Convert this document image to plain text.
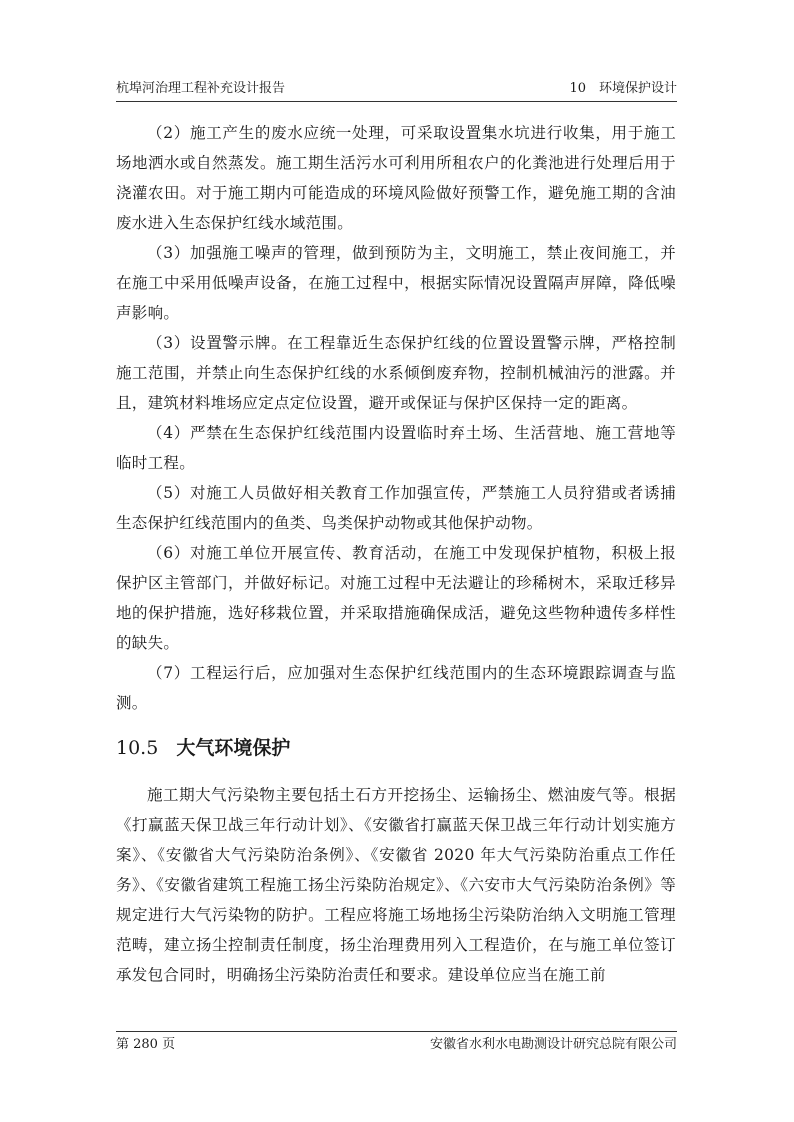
杭埠河治理工程补充设计报告	10　环境保护设计

（2）施工产生的废水应统一处理，可采取设置集水坑进行收集，用于施工场地洒水或自然蒸发。施工期生活污水可利用所租农户的化粪池进行处理后用于浇灌农田。对于施工期内可能造成的环境风险做好预警工作，避免施工期的含油废水进入生态保护红线水域范围。

（3）加强施工噪声的管理，做到预防为主，文明施工，禁止夜间施工，并在施工中采用低噪声设备，在施工过程中，根据实际情况设置隔声屏障，降低噪声影响。

（3）设置警示牌。在工程靠近生态保护红线的位置设置警示牌，严格控制施工范围，并禁止向生态保护红线的水系倾倒废弃物，控制机械油污的泄露。并且，建筑材料堆场应定点定位设置，避开或保证与保护区保持一定的距离。

（4）严禁在生态保护红线范围内设置临时弃土场、生活营地、施工营地等临时工程。

（5）对施工人员做好相关教育工作加强宣传，严禁施工人员狩猎或者诱捕生态保护红线范围内的鱼类、鸟类保护动物或其他保护动物。

（6）对施工单位开展宣传、教育活动，在施工中发现保护植物，积极上报保护区主管部门，并做好标记。对施工过程中无法避让的珍稀树木，采取迁移异地的保护措施，选好移栽位置，并采取措施确保成活，避免这些物种遗传多样性的缺失。

（7）工程运行后，应加强对生态保护红线范围内的生态环境跟踪调查与监测。

10.5 大气环境保护

施工期大气污染物主要包括土石方开挖扬尘、运输扬尘、燃油废气等。根据《打赢蓝天保卫战三年行动计划》、《安徽省打赢蓝天保卫战三年行动计划实施方案》、《安徽省大气污染防治条例》、《安徽省 2020 年大气污染防治重点工作任务》、《安徽省建筑工程施工扬尘污染防治规定》、《六安市大气污染防治条例》等规定进行大气污染物的防护。工程应将施工场地扬尘污染防治纳入文明施工管理范畴，建立扬尘控制责任制度，扬尘治理费用列入工程造价，在与施工单位签订承发包合同时，明确扬尘污染防治责任和要求。建设单位应当在施工前

第 280 页	安徽省水利水电勘测设计研究总院有限公司
